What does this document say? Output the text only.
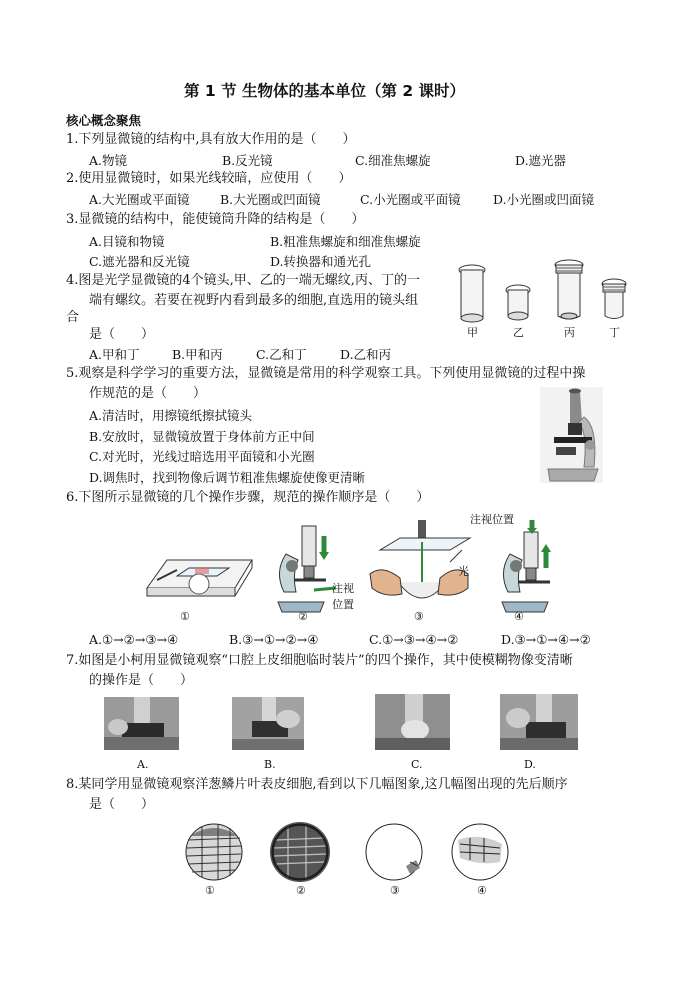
第 1 节 生物体的基本单位（第 2 课时）
核心概念聚焦
1.下列显微镜的结构中,具有放大作用的是（　　）
A.物镜	B.反光镜	C.细准焦螺旋	D.遮光器
2.使用显微镜时，如果光线较暗，应使用（　　）
A.大光圈或平面镜 B.大光圈或凹面镜	C.小光圈或平面镜	D.小光圈或凹面镜
3.显微镜的结构中，能使镜筒升降的结构是（　　）
A.目镜和物镜	B.粗准焦螺旋和细准焦螺旋
C.遮光器和反光镜	D.转换器和通光孔
4.图是光学显微镜的4个镜头,甲、乙的一端无螺纹,丙、丁的一
端有螺纹。若要在视野内看到最多的细胞,直选用的镜头组
合
是（　　）
A.甲和丁	B.甲和丙	C.乙和丁	D.乙和丙
甲	乙	丙	丁
5.观察是科学学习的重要方法，显微镜是常用的科学观察工具。下列使用显微镜的过程中操
作规范的是（　　）
A.清洁时，用擦镜纸擦拭镜头
B.安放时，显微镜放置于身体前方正中间
C.对光时，光线过暗选用平面镜和小光圈
D.调焦时，找到物像后调节粗准焦螺旋使像更清晰
6.下图所示显微镜的几个操作步骤，规范的操作顺序是（　　）
注视位置
注视
位置
光
①	②	③	④
A.①→②→③→④	B.③→①→②→④	C.①→③→④→②	D.③→①→④→②
7.如图是小柯用显微镜观察“口腔上皮细胞临时装片”的四个操作，其中使模糊物像变清晰
的操作是（　　）
A.	B.	C.	D.
8.某同学用显微镜观察洋葱鳞片叶表皮细胞,看到以下几幅图象,这几幅图出现的先后顺序
是（　　）
①	②	③	④
